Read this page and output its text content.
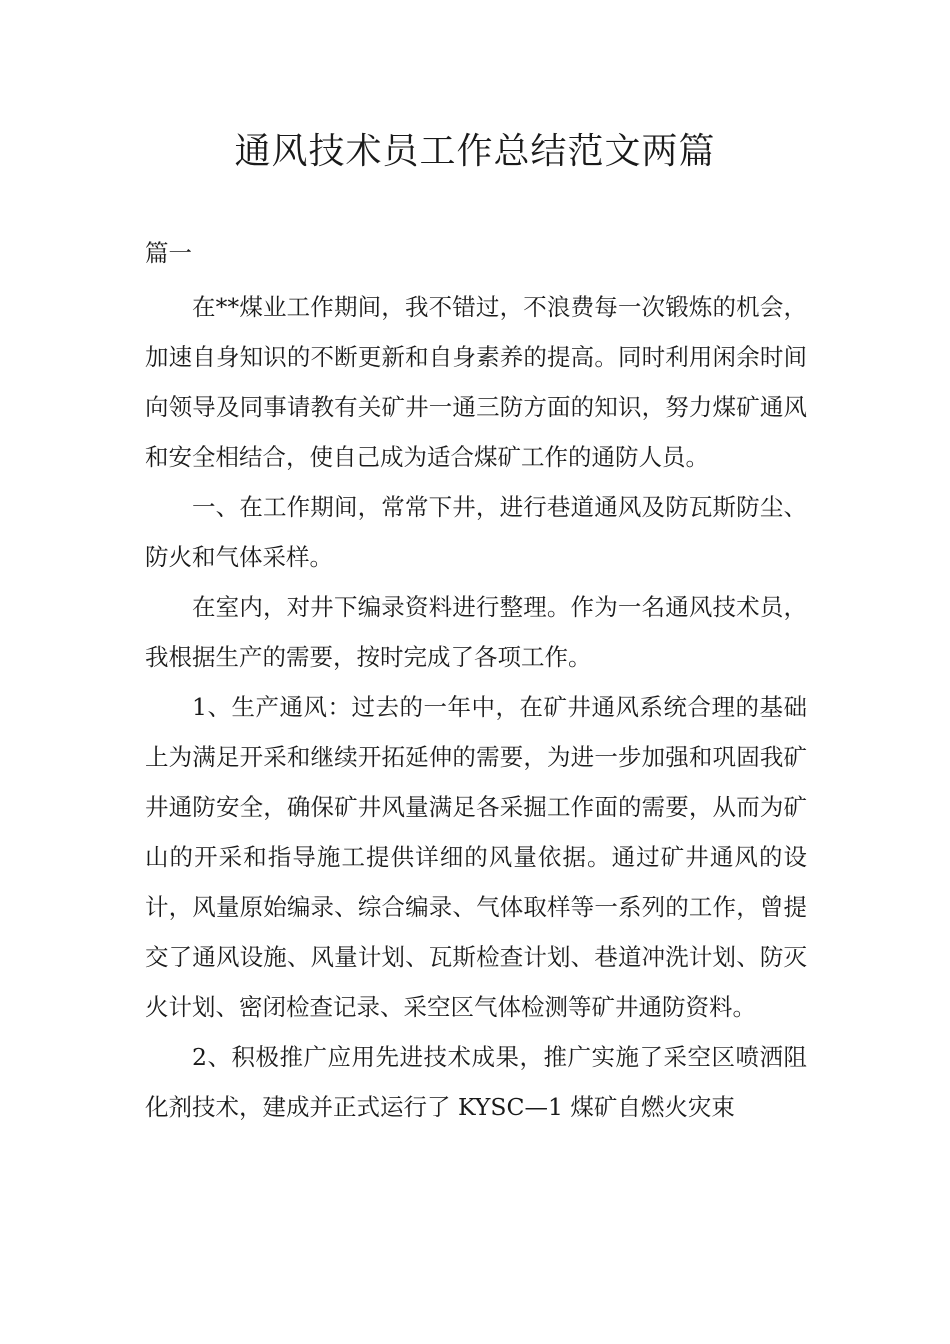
通风技术员工作总结范文两篇

篇一

在**煤业工作期间，我不错过，不浪费每一次锻炼的机会，加速自身知识的不断更新和自身素养的提高。同时利用闲余时间向领导及同事请教有关矿井一通三防方面的知识，努力煤矿通风和安全相结合，使自己成为适合煤矿工作的通防人员。

一、在工作期间，常常下井，进行巷道通风及防瓦斯防尘、防火和气体采样。

在室内，对井下编录资料进行整理。作为一名通风技术员，我根据生产的需要，按时完成了各项工作。

1、生产通风：过去的一年中，在矿井通风系统合理的基础上为满足开采和继续开拓延伸的需要，为进一步加强和巩固我矿井通防安全，确保矿井风量满足各采掘工作面的需要，从而为矿山的开采和指导施工提供详细的风量依据。通过矿井通风的设计，风量原始编录、综合编录、气体取样等一系列的工作，曾提交了通风设施、风量计划、瓦斯检查计划、巷道冲洗计划、防灭火计划、密闭检查记录、采空区气体检测等矿井通防资料。

2、积极推广应用先进技术成果，推广实施了采空区喷洒阻化剂技术，建成并正式运行了 KYSC—1 煤矿自燃火灾束
